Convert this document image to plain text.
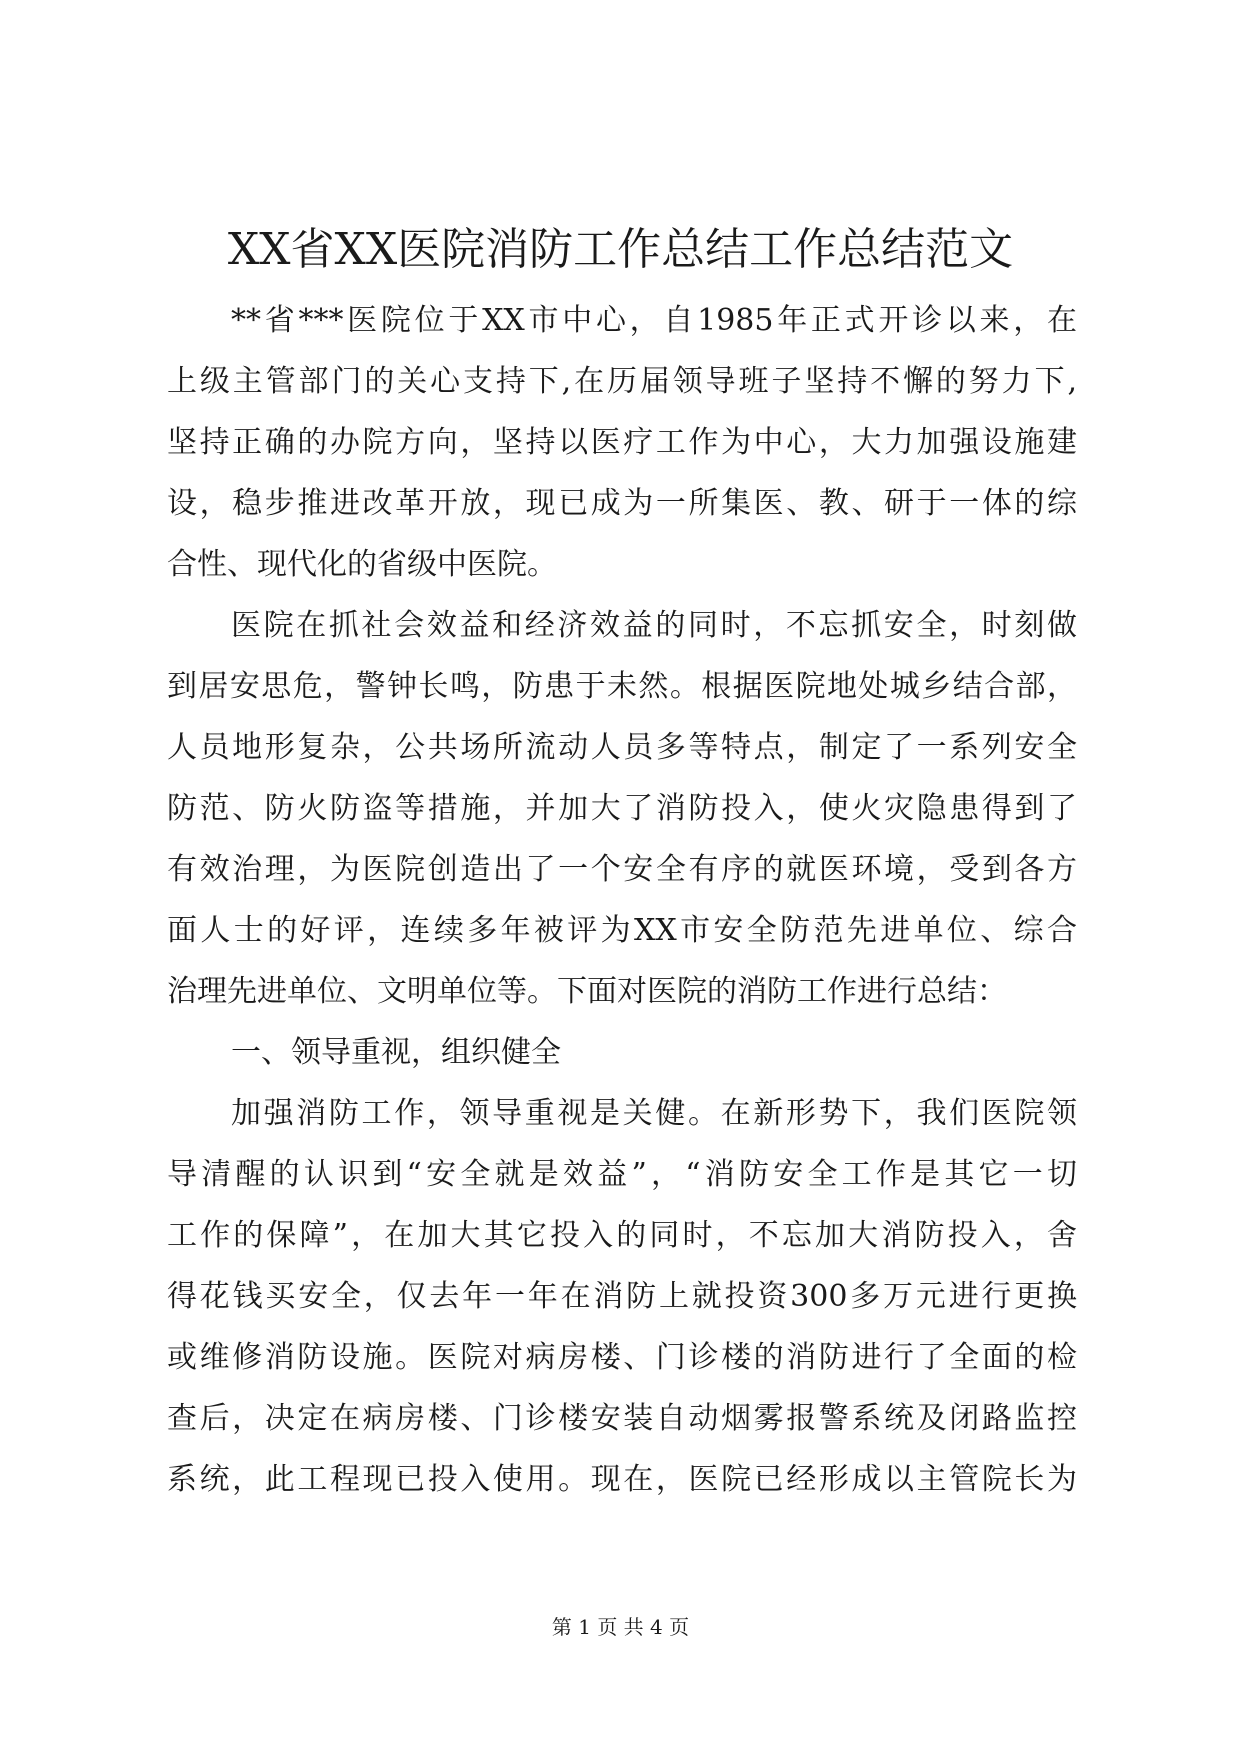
XX省XX医院消防工作总结工作总结范文
**省***医院位于XX市中心，自1985年正式开诊以来，在
上级主管部门的关心支持下,在历届领导班子坚持不懈的努力下,
坚持正确的办院方向，坚持以医疗工作为中心，大力加强设施建
设，稳步推进改革开放，现已成为一所集医、教、研于一体的综
合性、现代化的省级中医院。
医院在抓社会效益和经济效益的同时，不忘抓安全，时刻做
到居安思危，警钟长鸣，防患于未然。根据医院地处城乡结合部，
人员地形复杂，公共场所流动人员多等特点，制定了一系列安全
防范、防火防盗等措施，并加大了消防投入，使火灾隐患得到了
有效治理，为医院创造出了一个安全有序的就医环境，受到各方
面人士的好评，连续多年被评为XX市安全防范先进单位、综合
治理先进单位、文明单位等。下面对医院的消防工作进行总结：
一、领导重视，组织健全
加强消防工作，领导重视是关健。在新形势下，我们医院领
导清醒的认识到“安全就是效益”，“消防安全工作是其它一切
工作的保障”，在加大其它投入的同时，不忘加大消防投入，舍
得花钱买安全，仅去年一年在消防上就投资300多万元进行更换
或维修消防设施。医院对病房楼、门诊楼的消防进行了全面的检
查后，决定在病房楼、门诊楼安装自动烟雾报警系统及闭路监控
系统，此工程现已投入使用。现在，医院已经形成以主管院长为
第 1 页 共 4 页
